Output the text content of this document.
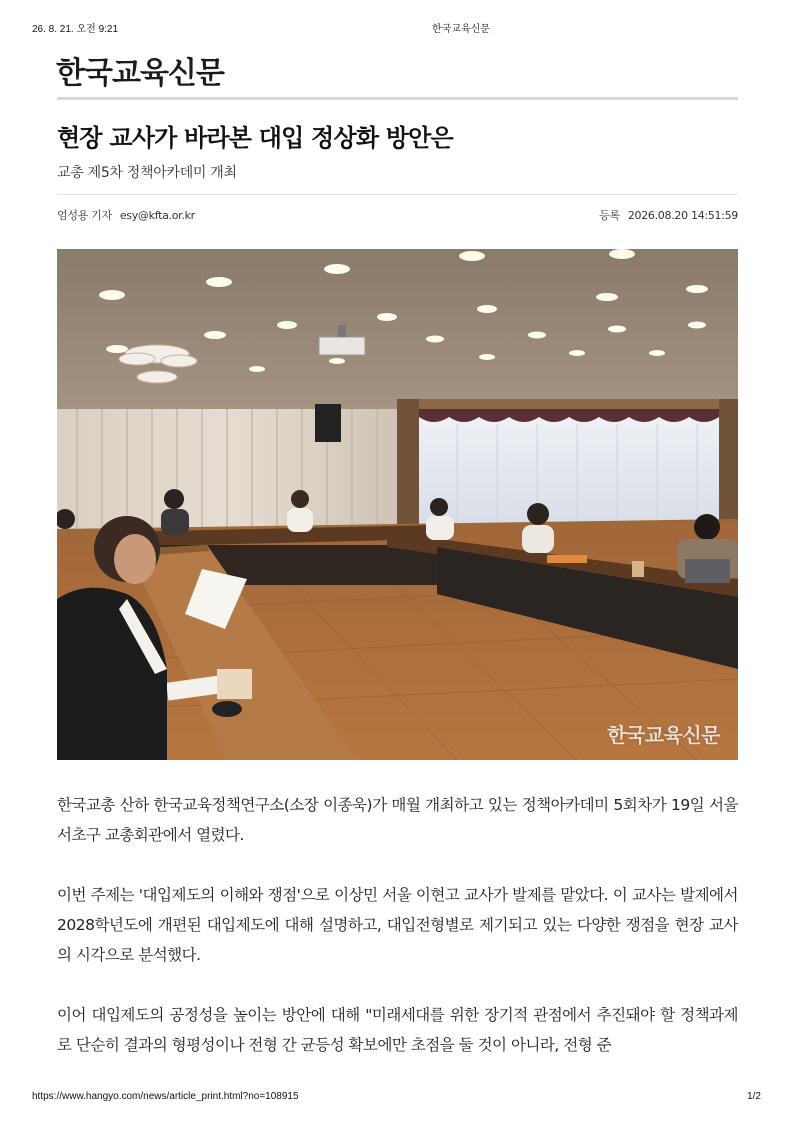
26. 8. 21. 오전 9:21	한국교육신문
한국교육신문
현장 교사가 바라본 대입 정상화 방안은
교총 제5차 정책아카데미 개최
엄성용 기자 esy@kfta.or.kr	등록 2026.08.20 14:51:59
한국교육신문

한국교총 산하 한국교육정책연구소(소장 이종욱)가 매월 개최하고 있는 정책아카데미 5회차가 19일 서울 서초구 교총회관에서 열렸다.

이번 주제는 '대입제도의 이해와 쟁점'으로 이상민 서울 이현고 교사가 발제를 맡았다. 이 교사는 발제에서 2028학년도에 개편된 대입제도에 대해 설명하고, 대입전형별로 제기되고 있는 다양한 쟁점을 현장 교사의 시각으로 분석했다.

이어 대입제도의 공정성을 높이는 방안에 대해 "미래세대를 위한 장기적 관점에서 추진돼야 할 정책과제로 단순히 결과의 형평성이나 전형 간 균등성 확보에만 초점을 둘 것이 아니라, 전형 준

https://www.hangyo.com/news/article_print.html?no=108915	1/2
